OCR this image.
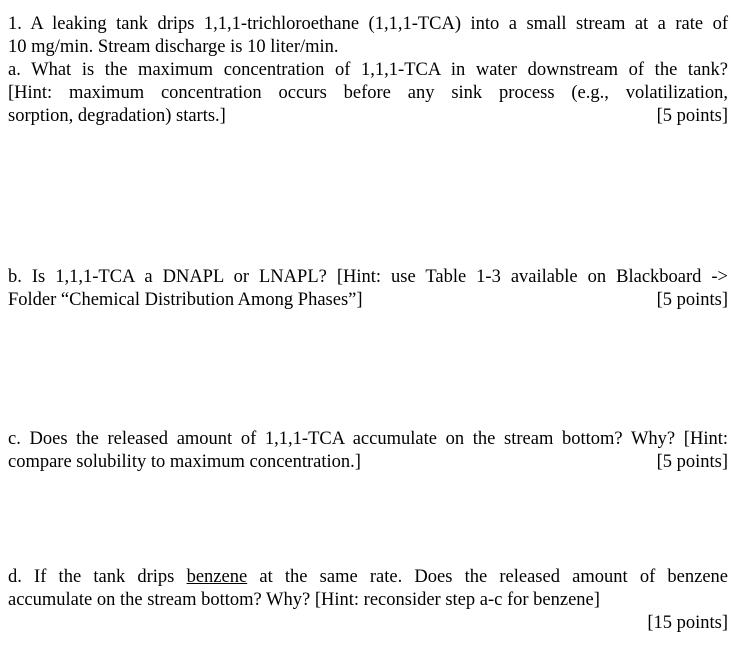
1. A leaking tank drips 1,1,1-trichloroethane (1,1,1-TCA) into a small stream at a rate of
10 mg/min. Stream discharge is 10 liter/min.
a. What is the maximum concentration of 1,1,1-TCA in water downstream of the tank?
[Hint: maximum concentration occurs before any sink process (e.g., volatilization,
sorption, degradation) starts.]	[5 points]
b. Is 1,1,1-TCA a DNAPL or LNAPL? [Hint: use Table 1-3 available on Blackboard ->
Folder “Chemical Distribution Among Phases”]	[5 points]
c. Does the released amount of 1,1,1-TCA accumulate on the stream bottom? Why? [Hint:
compare solubility to maximum concentration.]	[5 points]
d. If the tank drips benzene at the same rate. Does the released amount of benzene
accumulate on the stream bottom? Why? [Hint: reconsider step a-c for benzene]
[15 points]
